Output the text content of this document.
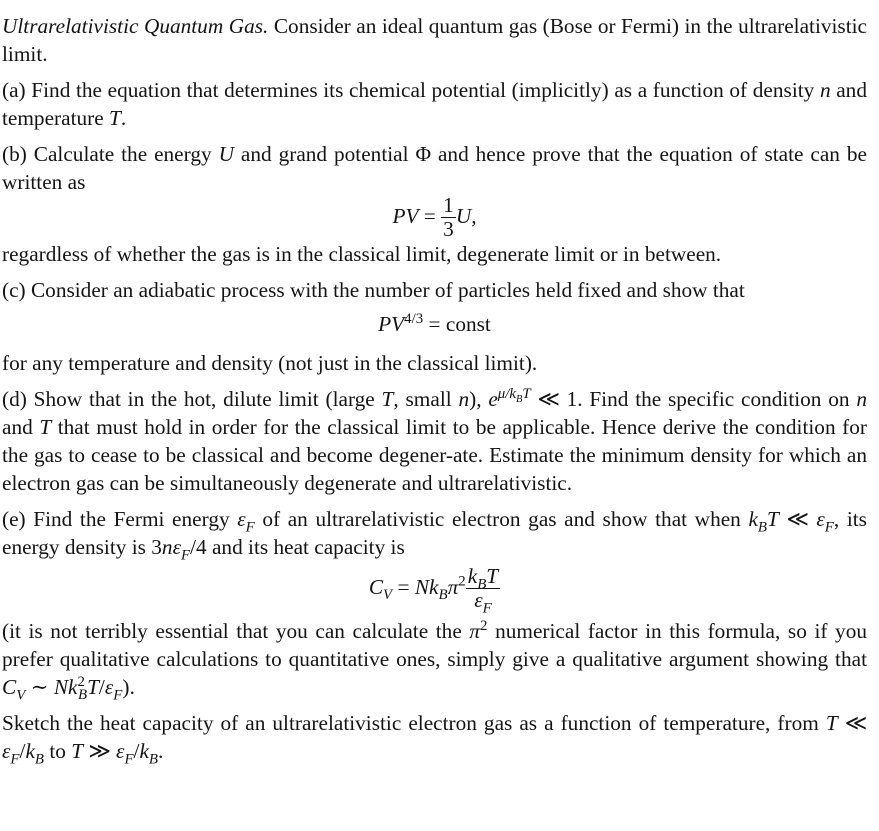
Ultrarelativistic Quantum Gas. Consider an ideal quantum gas (Bose or Fermi) in the ultrarelativistic limit.

(a) Find the equation that determines its chemical potential (implicitly) as a function of density n and temperature T.

(b) Calculate the energy U and grand potential Φ and hence prove that the equation of state can be written as

PV = $\frac{1}{3} U$,

regardless of whether the gas is in the classical limit, degenerate limit or in between.

(c) Consider an adiabatic process with the number of particles held fixed and show that

$PV^{4/3}$ = const

for any temperature and density (not just in the classical limit).

(d) Show that in the hot, dilute limit (large T, small n), $e^{\mu/k_BT}$ ≪ 1. Find the specific condition on n and T that must hold in order for the classical limit to be applicable. Hence derive the condition for the gas to cease to be classical and become degener-ate. Estimate the minimum density for which an electron gas can be simultaneously degenerate and ultrarelativistic.

(e) Find the Fermi energy $\varepsilon_F$ of an ultrarelativistic electron gas and show that when $k_BT$ ≪ $\varepsilon_F$, its energy density is $3n\varepsilon_F/4$ and its heat capacity is

$C_V = Nk_B\pi^2 \frac{k_BT}{\varepsilon_F}$

(it is not terribly essential that you can calculate the $\pi^2$ numerical factor in this formula, so if you prefer qualitative calculations to quantitative ones, simply give a qualitative argument showing that $C_V$ ∼ $Nk^2_BT/\varepsilon_F$).

Sketch the heat capacity of an ultrarelativistic electron gas as a function of temperature, from T ≪ $\varepsilon_F/k_B$ to T ≫ $\varepsilon_F/k_B$.
